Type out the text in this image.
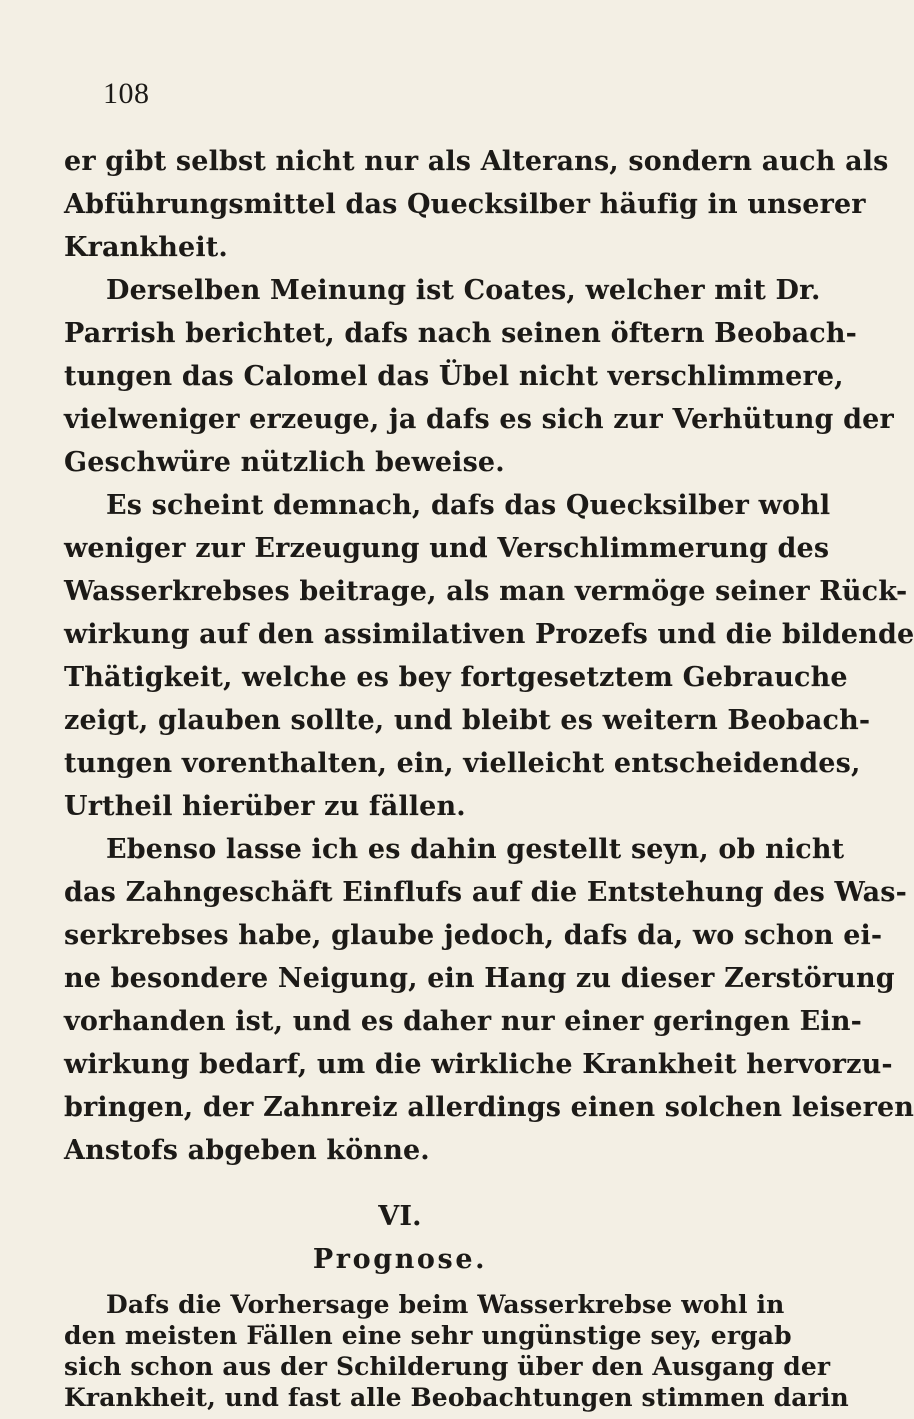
108
er gibt selbst nicht nur als Alterans, sondern auch als
Abführungsmittel das Quecksilber häufig in unserer
Krankheit.
Derselben Meinung ist Coates, welcher mit Dr.
Parrish berichtet, dafs nach seinen öftern Beobach-
tungen das Calomel das Übel nicht verschlimmere,
vielweniger erzeuge, ja dafs es sich zur Verhütung der
Geschwüre nützlich beweise.
Es scheint demnach, dafs das Quecksilber wohl
weniger zur Erzeugung und Verschlimmerung des
Wasserkrebses beitrage, als man vermöge seiner Rück-
wirkung auf den assimilativen Prozefs und die bildende
Thätigkeit, welche es bey fortgesetztem Gebrauche
zeigt, glauben sollte, und bleibt es weitern Beobach-
tungen vorenthalten, ein, vielleicht entscheidendes,
Urtheil hierüber zu fällen.
Ebenso lasse ich es dahin gestellt seyn, ob nicht
das Zahngeschäft Einflufs auf die Entstehung des Was-
serkrebses habe, glaube jedoch, dafs da, wo schon ei-
ne besondere Neigung, ein Hang zu dieser Zerstörung
vorhanden ist, und es daher nur einer geringen Ein-
wirkung bedarf, um die wirkliche Krankheit hervorzu-
bringen, der Zahnreiz allerdings einen solchen leiseren
Anstofs abgeben könne.
VI.
Prognose.
Dafs die Vorhersage beim Wasserkrebse wohl in
den meisten Fällen eine sehr ungünstige sey, ergab
sich schon aus der Schilderung über den Ausgang der
Krankheit, und fast alle Beobachtungen stimmen darin
